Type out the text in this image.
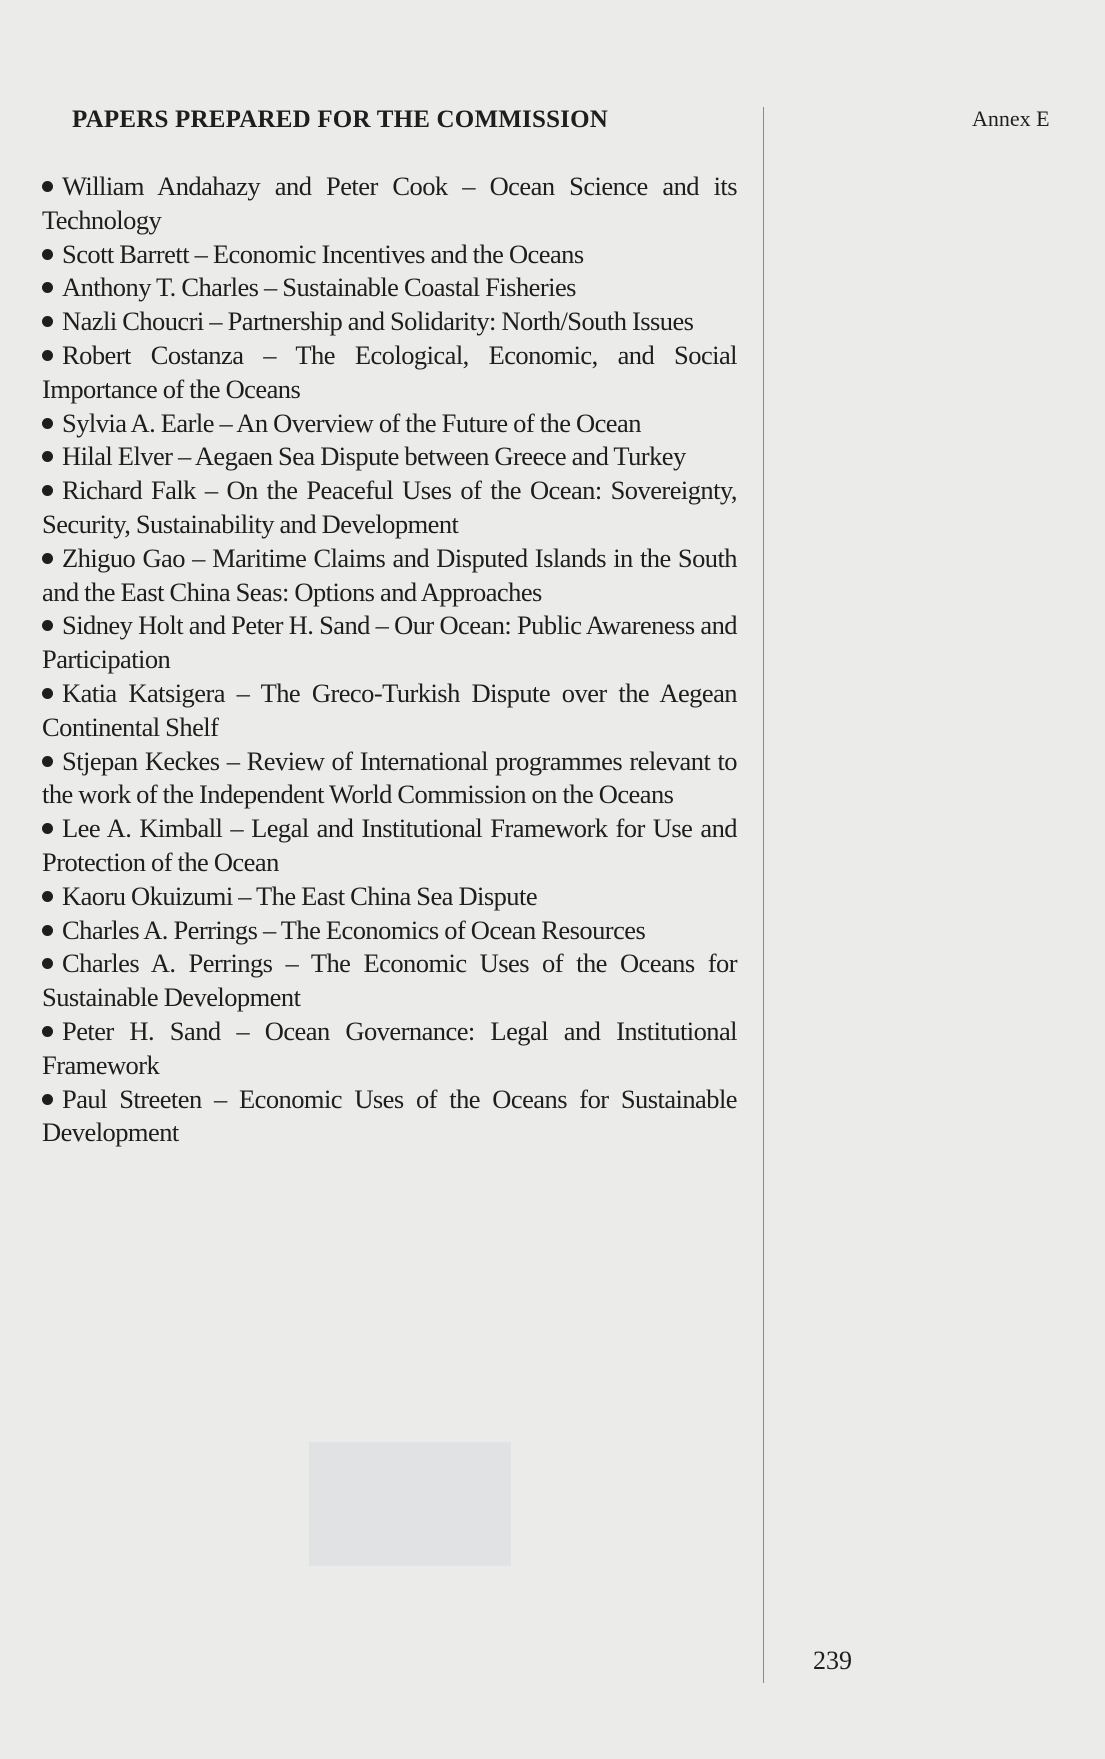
PAPERS PREPARED FOR THE COMMISSION	Annex E

William Andahazy and Peter Cook – Ocean Science and its Technology

Scott Barrett – Economic Incentives and the Oceans

Anthony T. Charles – Sustainable Coastal Fisheries

Nazli Choucri – Partnership and Solidarity: North/South Issues

Robert Costanza – The Ecological, Economic, and Social Importance of the Oceans

Sylvia A. Earle – An Overview of the Future of the Ocean

Hilal Elver – Aegaen Sea Dispute between Greece and Turkey

Richard Falk – On the Peaceful Uses of the Ocean: Sovereignty, Security, Sustainability and Development

Zhiguo Gao – Maritime Claims and Disputed Islands in the South and the East China Seas: Options and Approaches

Sidney Holt and Peter H. Sand – Our Ocean: Public Awareness and Participation

Katia Katsigera – The Greco-Turkish Dispute over the Aegean Continental Shelf

Stjepan Keckes – Review of International programmes relevant to the work of the Independent World Commission on the Oceans

Lee A. Kimball – Legal and Institutional Framework for Use and Protection of the Ocean

Kaoru Okuizumi – The East China Sea Dispute

Charles A. Perrings – The Economics of Ocean Resources

Charles A. Perrings – The Economic Uses of the Oceans for Sustainable Development

Peter H. Sand – Ocean Governance: Legal and Institutional Framework

Paul Streeten – Economic Uses of the Oceans for Sustainable Development

239
